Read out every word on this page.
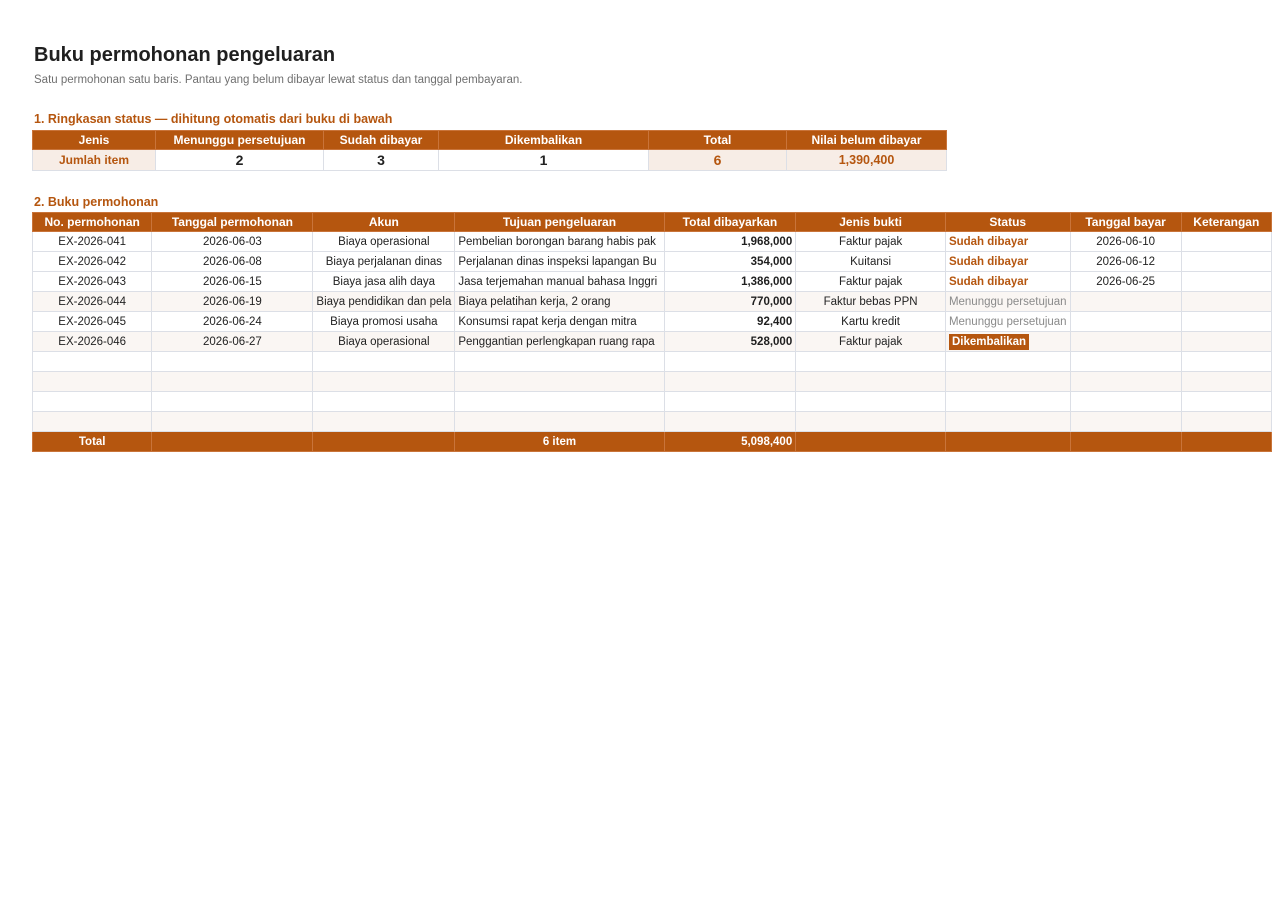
Buku permohonan pengeluaran
Satu permohonan satu baris. Pantau yang belum dibayar lewat status dan tanggal pembayaran.
1. Ringkasan status — dihitung otomatis dari buku di bawah
Jenis	Menunggu persetujuan	Sudah dibayar	Dikembalikan	Total	Nilai belum dibayar
Jumlah item	2	3	1	6	1,390,400
2. Buku permohonan
No. permohonan	Tanggal permohonan	Akun	Tujuan pengeluaran	Total dibayarkan	Jenis bukti	Status	Tanggal bayar	Keterangan
EX-2026-041	2026-06-03	Biaya operasional	Pembelian borongan barang habis pak	1,968,000	Faktur pajak	Sudah dibayar	2026-06-10	
EX-2026-042	2026-06-08	Biaya perjalanan dinas	Perjalanan dinas inspeksi lapangan Bu	354,000	Kuitansi	Sudah dibayar	2026-06-12	
EX-2026-043	2026-06-15	Biaya jasa alih daya	Jasa terjemahan manual bahasa Inggri	1,386,000	Faktur pajak	Sudah dibayar	2026-06-25	
EX-2026-044	2026-06-19	Biaya pendidikan dan pela	Biaya pelatihan kerja, 2 orang	770,000	Faktur bebas PPN	Menunggu persetujuan		
EX-2026-045	2026-06-24	Biaya promosi usaha	Konsumsi rapat kerja dengan mitra	92,400	Kartu kredit	Menunggu persetujuan		
EX-2026-046	2026-06-27	Biaya operasional	Penggantian perlengkapan ruang rapa	528,000	Faktur pajak	Dikembalikan		

Total			6 item	5,098,400				
